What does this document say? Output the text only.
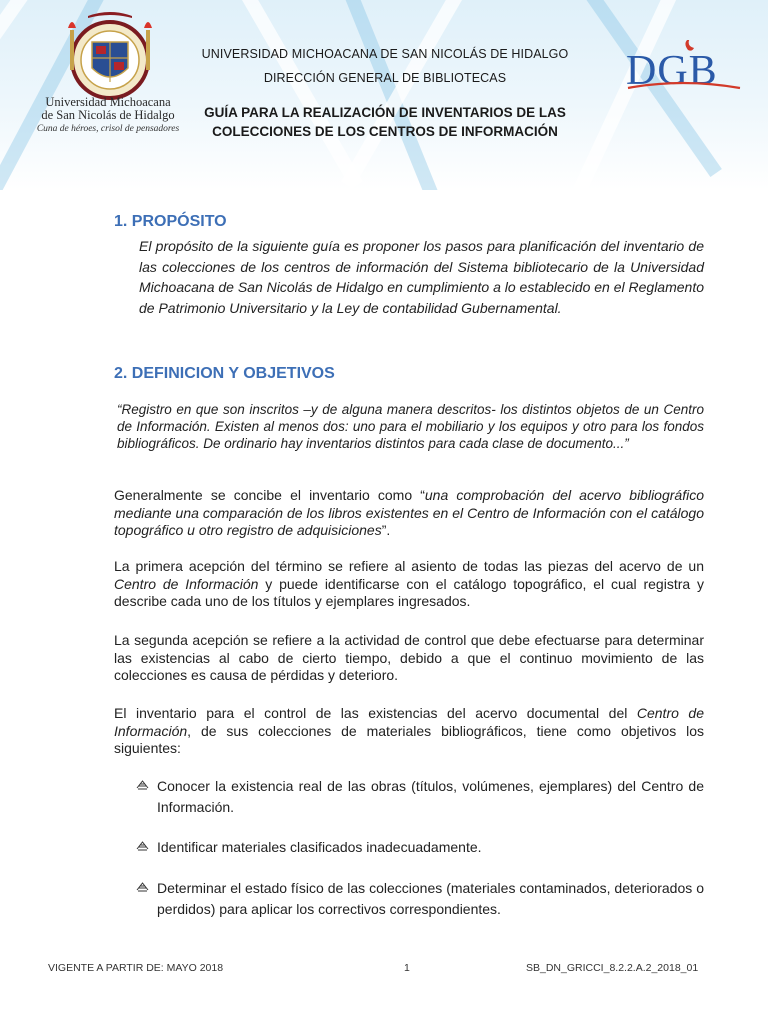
Universidad Michoacana
de San Nicolás de Hidalgo
Cuna de héroes, crisol de pensadores
UNIVERSIDAD MICHOACANA DE SAN NICOLÁS DE HIDALGO
DIRECCIÓN GENERAL DE BIBLIOTECAS
GUÍA PARA LA REALIZACIÓN DE INVENTARIOS DE LAS
COLECCIONES DE LOS CENTROS DE INFORMACIÓN
DGB
1. PROPÓSITO
El propósito de la siguiente guía es proponer los pasos para planificación del inventario de las colecciones de los centros de información del Sistema bibliotecario de la Universidad Michoacana de San Nicolás de Hidalgo en cumplimiento a lo establecido en el Reglamento de Patrimonio Universitario y la Ley de contabilidad Gubernamental.
2. DEFINICION Y OBJETIVOS
“Registro en que son inscritos –y de alguna manera descritos- los distintos objetos de un Centro de Información. Existen al menos dos: uno para el mobiliario y los equipos y otro para los fondos bibliográficos. De ordinario hay inventarios distintos para cada clase de documento...”
Generalmente se concibe el inventario como “una comprobación del acervo bibliográfico mediante una comparación de los libros existentes en el Centro de Información con el catálogo topográfico u otro registro de adquisiciones”.
La primera acepción del término se refiere al asiento de todas las piezas del acervo de un Centro de Información y puede identificarse con el catálogo topográfico, el cual registra y describe cada uno de los títulos y ejemplares ingresados.
La segunda acepción se refiere a la actividad de control que debe efectuarse para determinar las existencias al cabo de cierto tiempo, debido a que el continuo movimiento de las colecciones es causa de pérdidas y deterioro.
El inventario para el control de las existencias del acervo documental del Centro de Información, de sus colecciones de materiales bibliográficos, tiene como objetivos los siguientes:
Conocer la existencia real de las obras (títulos, volúmenes, ejemplares) del Centro de Información.
Identificar materiales clasificados inadecuadamente.
Determinar el estado físico de las colecciones (materiales contaminados, deteriorados o perdidos) para aplicar los correctivos correspondientes.
VIGENTE A PARTIR DE: MAYO 2018	1	SB_DN_GRICCI_8.2.2.A.2_2018_01
